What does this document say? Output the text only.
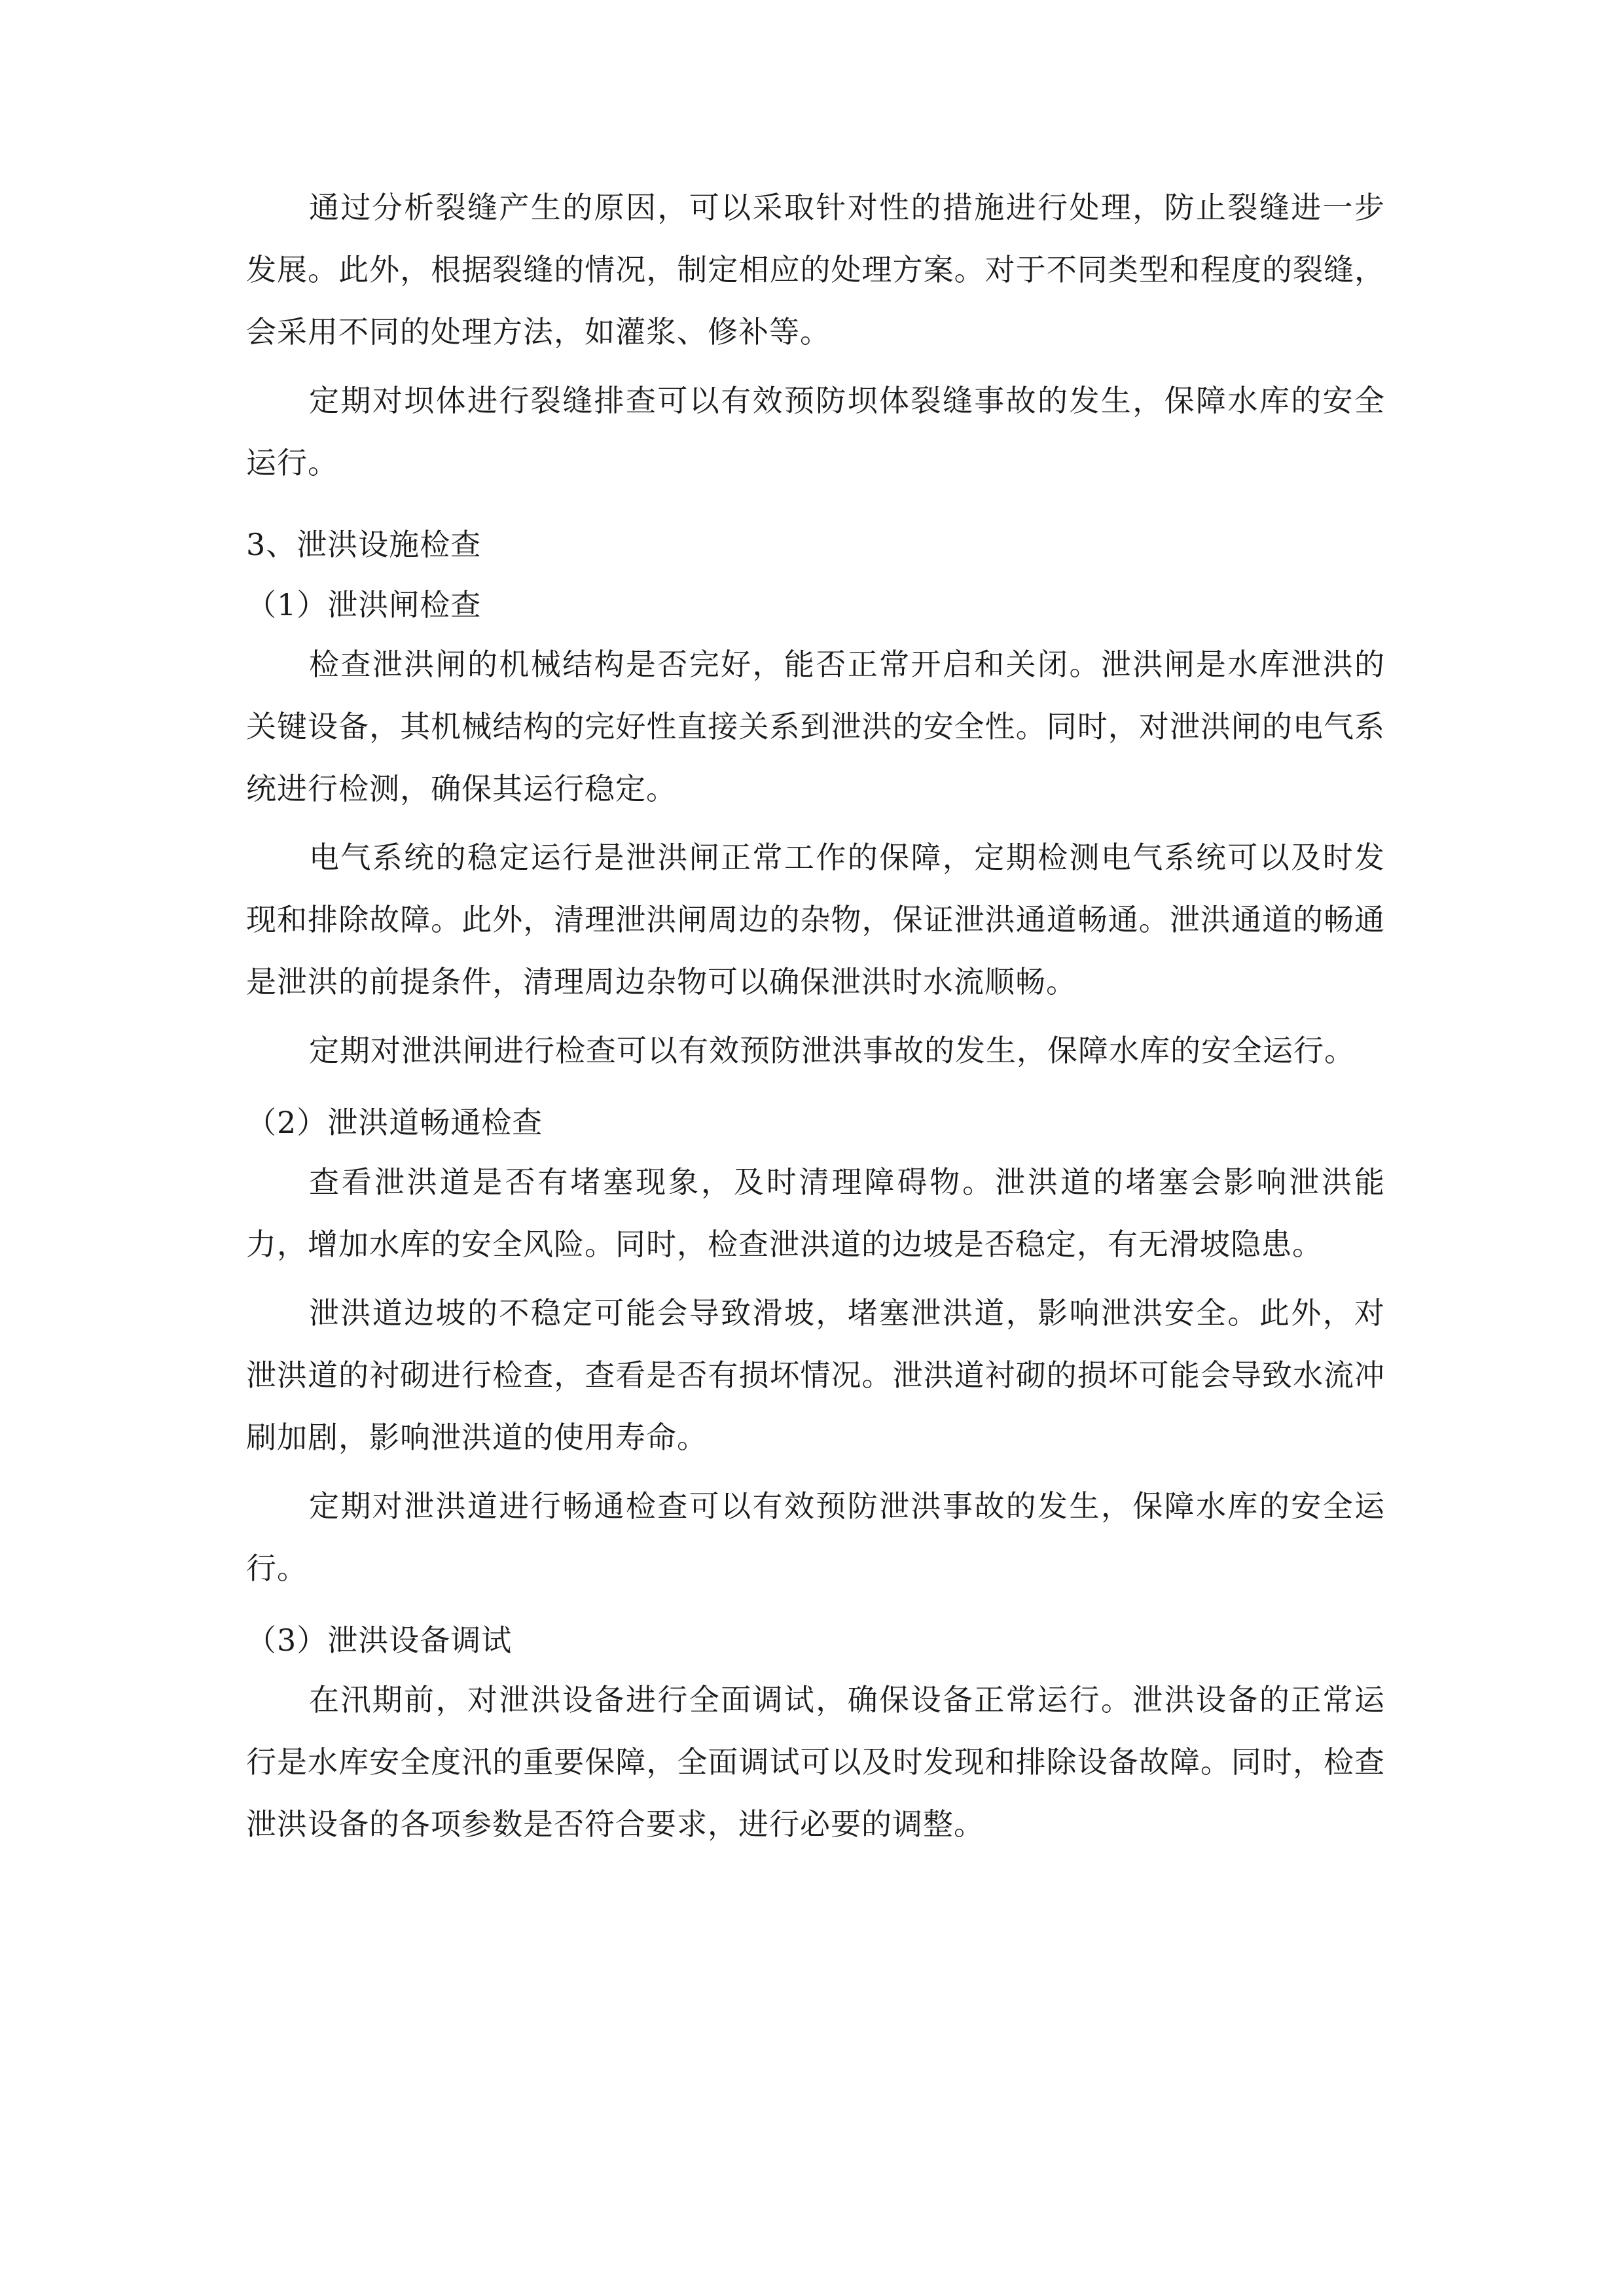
通过分析裂缝产生的原因，可以采取针对性的措施进行处理，防止裂缝进一步发展。此外，根据裂缝的情况，制定相应的处理方案。对于不同类型和程度的裂缝，会采用不同的处理方法，如灌浆、修补等。

定期对坝体进行裂缝排查可以有效预防坝体裂缝事故的发生，保障水库的安全运行。

3、泄洪设施检查

（1）泄洪闸检查

检查泄洪闸的机械结构是否完好，能否正常开启和关闭。泄洪闸是水库泄洪的关键设备，其机械结构的完好性直接关系到泄洪的安全性。同时，对泄洪闸的电气系统进行检测，确保其运行稳定。

电气系统的稳定运行是泄洪闸正常工作的保障，定期检测电气系统可以及时发现和排除故障。此外，清理泄洪闸周边的杂物，保证泄洪通道畅通。泄洪通道的畅通是泄洪的前提条件，清理周边杂物可以确保泄洪时水流顺畅。

定期对泄洪闸进行检查可以有效预防泄洪事故的发生，保障水库的安全运行。

（2）泄洪道畅通检查

查看泄洪道是否有堵塞现象，及时清理障碍物。泄洪道的堵塞会影响泄洪能力，增加水库的安全风险。同时，检查泄洪道的边坡是否稳定，有无滑坡隐患。

泄洪道边坡的不稳定可能会导致滑坡，堵塞泄洪道，影响泄洪安全。此外，对泄洪道的衬砌进行检查，查看是否有损坏情况。泄洪道衬砌的损坏可能会导致水流冲刷加剧，影响泄洪道的使用寿命。

定期对泄洪道进行畅通检查可以有效预防泄洪事故的发生，保障水库的安全运行。

（3）泄洪设备调试

在汛期前，对泄洪设备进行全面调试，确保设备正常运行。泄洪设备的正常运行是水库安全度汛的重要保障，全面调试可以及时发现和排除设备故障。同时，检查泄洪设备的各项参数是否符合要求，进行必要的调整。
